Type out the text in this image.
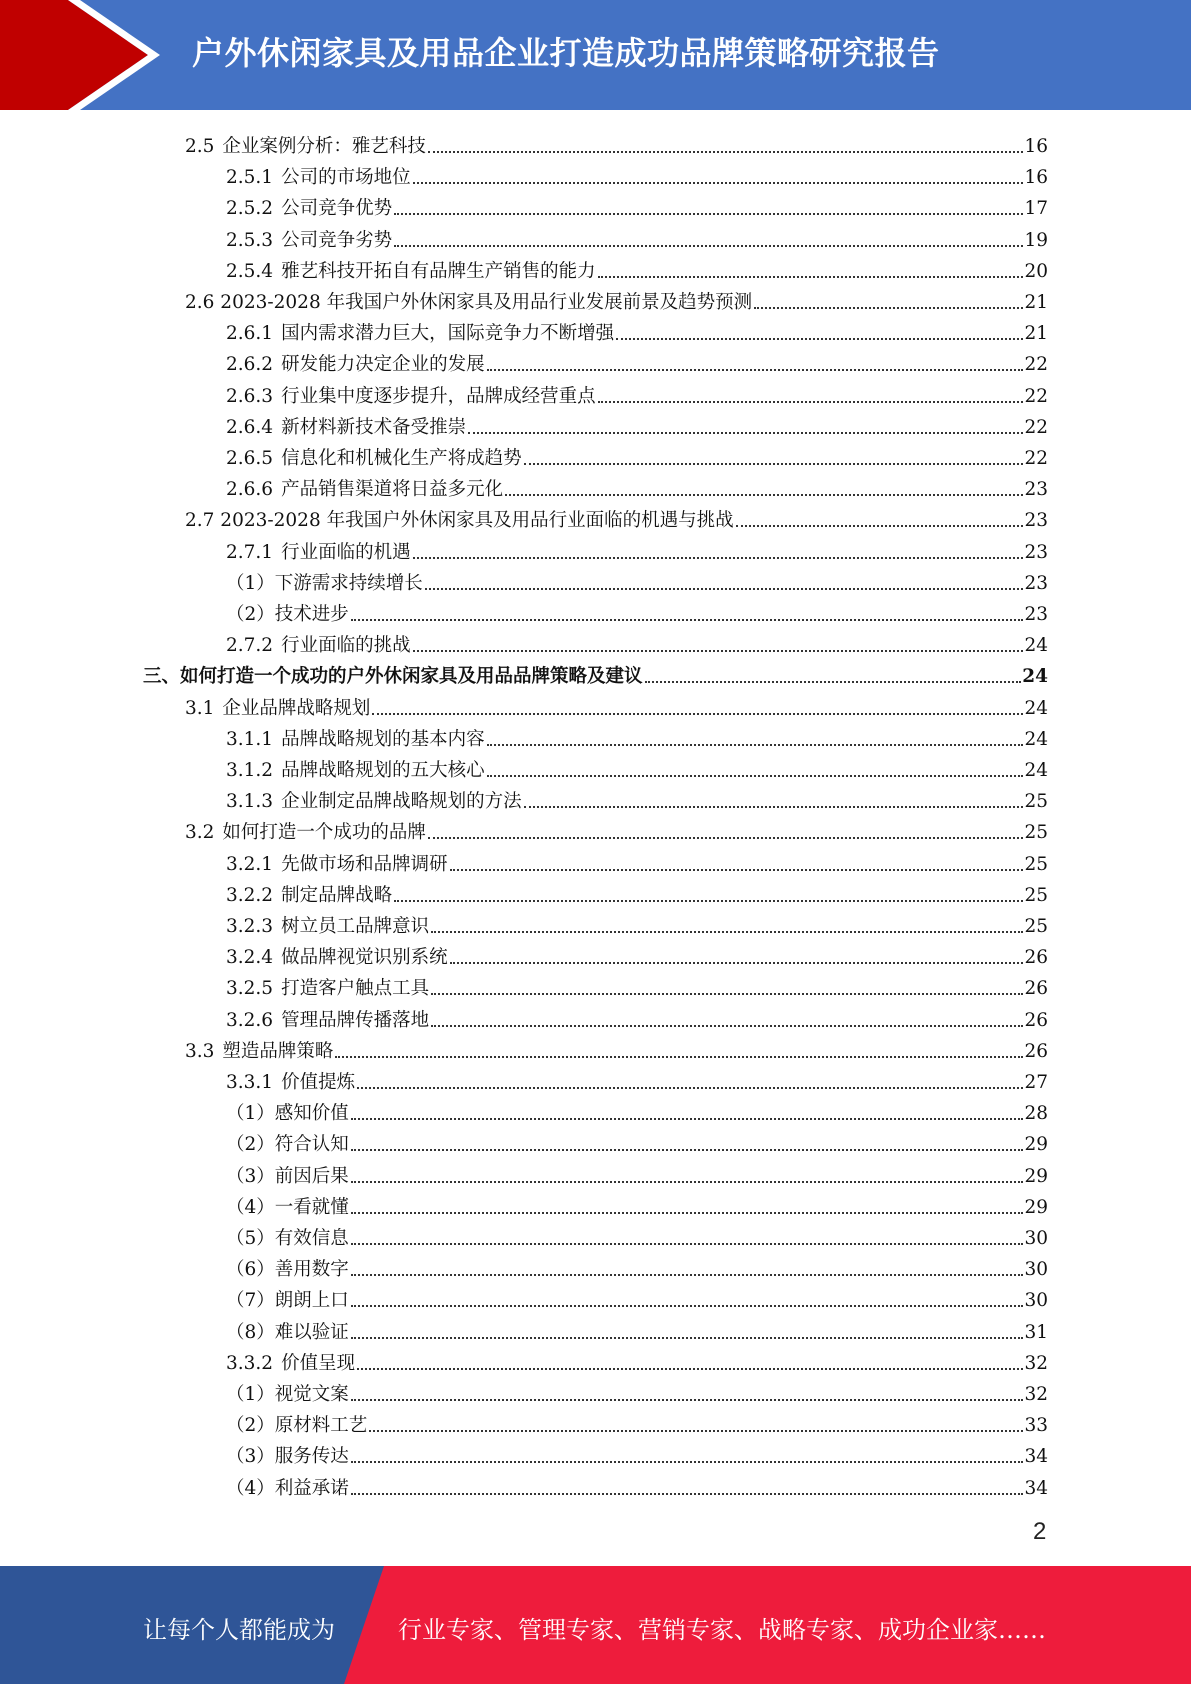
户外休闲家具及用品企业打造成功品牌策略研究报告
2.5 企业案例分析：雅艺科技	16
2.5.1 公司的市场地位	16
2.5.2 公司竞争优势	17
2.5.3 公司竞争劣势	19
2.5.4 雅艺科技开拓自有品牌生产销售的能力	20
2.6 2023-2028 年我国户外休闲家具及用品行业发展前景及趋势预测	21
2.6.1 国内需求潜力巨大，国际竞争力不断增强	21
2.6.2 研发能力决定企业的发展	22
2.6.3 行业集中度逐步提升，品牌成经营重点	22
2.6.4 新材料新技术备受推崇	22
2.6.5 信息化和机械化生产将成趋势	22
2.6.6 产品销售渠道将日益多元化	23
2.7 2023-2028 年我国户外休闲家具及用品行业面临的机遇与挑战	23
2.7.1 行业面临的机遇	23
（1）下游需求持续增长	23
（2）技术进步	23
2.7.2 行业面临的挑战	24
三、如何打造一个成功的户外休闲家具及用品品牌策略及建议	24
3.1 企业品牌战略规划	24
3.1.1 品牌战略规划的基本内容	24
3.1.2 品牌战略规划的五大核心	24
3.1.3 企业制定品牌战略规划的方法	25
3.2 如何打造一个成功的品牌	25
3.2.1 先做市场和品牌调研	25
3.2.2 制定品牌战略	25
3.2.3 树立员工品牌意识	25
3.2.4 做品牌视觉识别系统	26
3.2.5 打造客户触点工具	26
3.2.6 管理品牌传播落地	26
3.3 塑造品牌策略	26
3.3.1 价值提炼	27
（1）感知价值	28
（2）符合认知	29
（3）前因后果	29
（4）一看就懂	29
（5）有效信息	30
（6）善用数字	30
（7）朗朗上口	30
（8）难以验证	31
3.3.2 价值呈现	32
（1）视觉文案	32
（2）原材料工艺	33
（3）服务传达	34
（4）利益承诺	34
2
让每个人都能成为	行业专家、管理专家、营销专家、战略专家、成功企业家……
